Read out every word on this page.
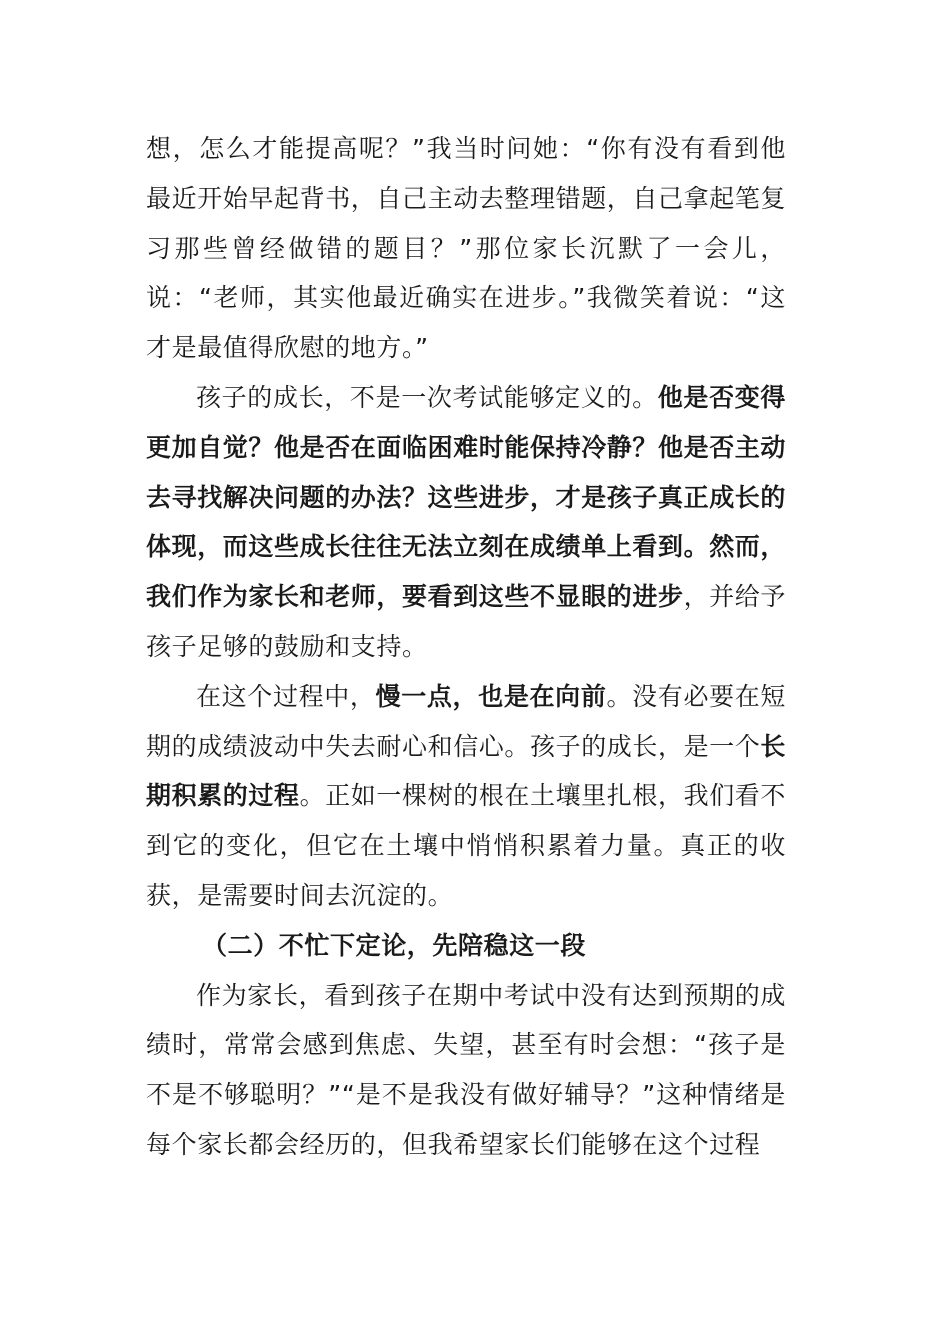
想，怎么才能提高呢？”我当时问她：“你有没有看到他最近开始早起背书，自己主动去整理错题，自己拿起笔复习那些曾经做错的题目？”那位家长沉默了一会儿，说：“老师，其实他最近确实在进步。”我微笑着说：“这才是最值得欣慰的地方。”

孩子的成长，不是一次考试能够定义的。他是否变得更加自觉？他是否在面临困难时能保持冷静？他是否主动去寻找解决问题的办法？这些进步，才是孩子真正成长的体现，而这些成长往往无法立刻在成绩单上看到。然而，我们作为家长和老师，要看到这些不显眼的进步，并给予孩子足够的鼓励和支持。

在这个过程中，慢一点，也是在向前。没有必要在短期的成绩波动中失去耐心和信心。孩子的成长，是一个长期积累的过程。正如一棵树的根在土壤里扎根，我们看不到它的变化，但它在土壤中悄悄积累着力量。真正的收获，是需要时间去沉淀的。

（二）不忙下定论，先陪稳这一段

作为家长，看到孩子在期中考试中没有达到预期的成绩时，常常会感到焦虑、失望，甚至有时会想：“孩子是不是不够聪明？”“是不是我没有做好辅导？”这种情绪是每个家长都会经历的，但我希望家长们能够在这个过程
